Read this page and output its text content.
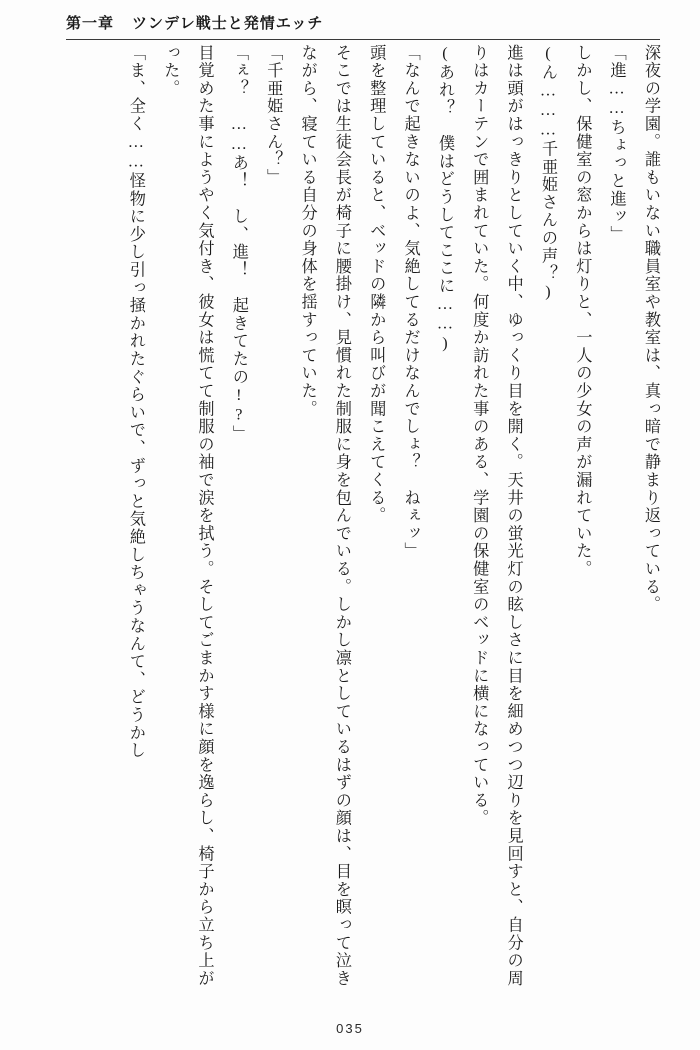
第一章 ツンデレ戦士と発情エッチ

深夜の学園。誰もいない職員室や教室は、真っ暗で静まり返っている。

「進……ちょっと進ッ」

しかし、保健室の窓からは灯りと、一人の少女の声が漏れていた。

(ん………千亜姫さんの声？)

進は頭がはっきりとしていく中、ゆっくり目を開く。天井の蛍光灯の眩しさに目を細めつつ辺りを見回すと、自分の周りはカーテンで囲まれていた。何度か訪れた事のある、学園の保健室のベッドに横になっている。

(あれ？　僕はどうしてここに……)

「なんで起きないのよ、気絶してるだけなんでしょ？　ねぇッ」

頭を整理していると、ベッドの隣から叫びが聞こえてくる。

そこでは生徒会長が椅子に腰掛け、見慣れた制服に身を包んでいる。しかし凛としているはずの顔は、目を瞑って泣きながら、寝ている自分の身体を揺すっていた。

「千亜姫さん？」

「ぇ？　……あ！　し、進！　起きてたの!?」

目覚めた事にようやく気付き、彼女は慌てて制服の袖で涙を拭う。そしてごまかす様に顔を逸らし、椅子から立ち上がった。

「ま、全く……怪物に少し引っ掻かれたぐらいで、ずっと気絶しちゃうなんて、どうかし

035
